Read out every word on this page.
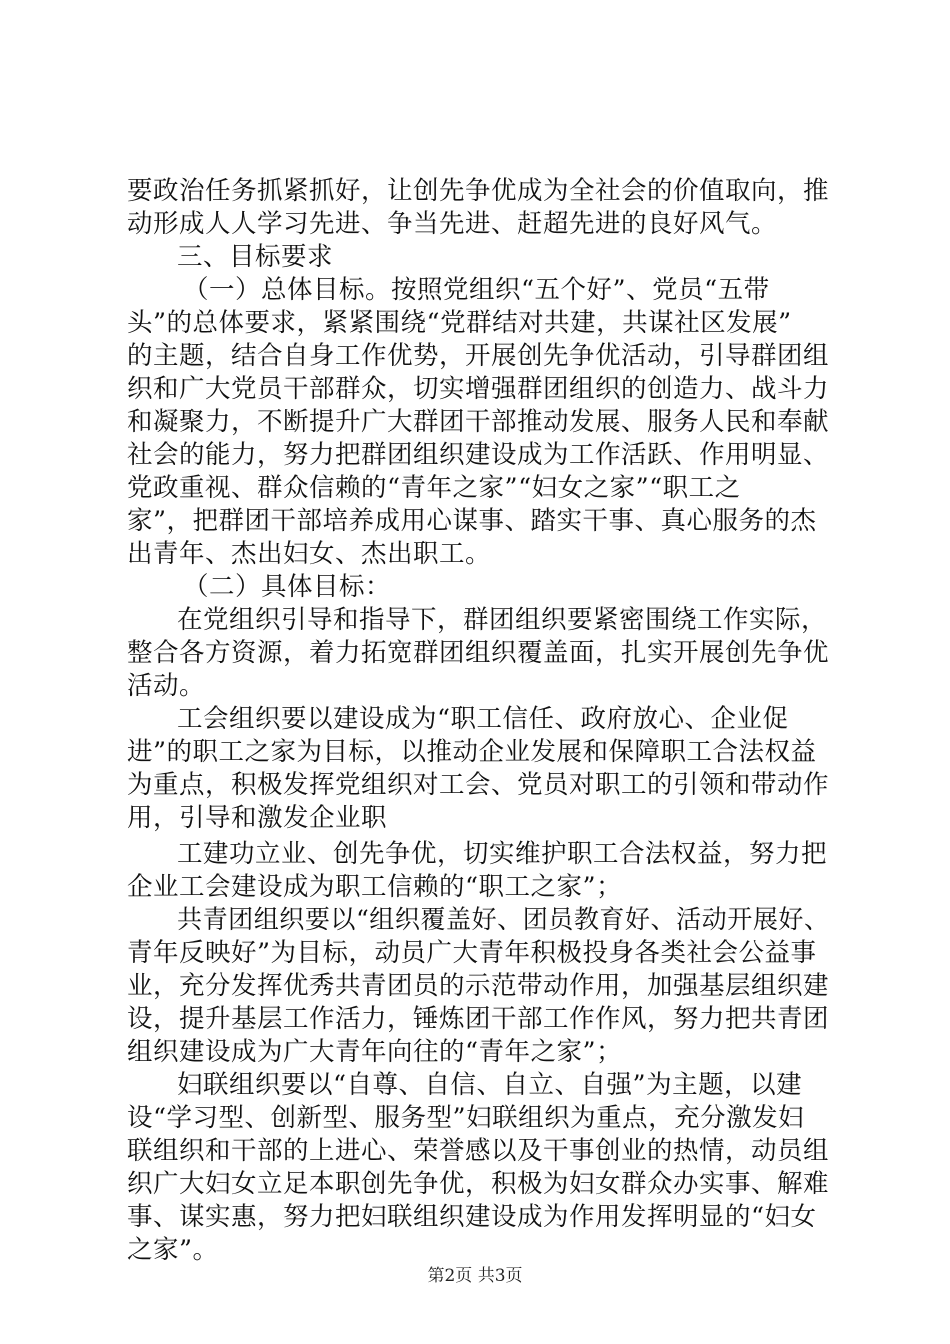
要政治任务抓紧抓好，让创先争优成为全社会的价值取向，推
动形成人人学习先进、争当先进、赶超先进的良好风气。
三、目标要求
（一）总体目标。按照党组织“五个好”、党员“五带
头”的总体要求，紧紧围绕“党群结对共建，共谋社区发展”
的主题，结合自身工作优势，开展创先争优活动，引导群团组
织和广大党员干部群众，切实增强群团组织的创造力、战斗力
和凝聚力，不断提升广大群团干部推动发展、服务人民和奉献
社会的能力，努力把群团组织建设成为工作活跃、作用明显、
党政重视、群众信赖的“青年之家”“妇女之家”“职工之
家”，把群团干部培养成用心谋事、踏实干事、真心服务的杰
出青年、杰出妇女、杰出职工。
（二）具体目标：
在党组织引导和指导下，群团组织要紧密围绕工作实际，
整合各方资源，着力拓宽群团组织覆盖面，扎实开展创先争优
活动。
工会组织要以建设成为“职工信任、政府放心、企业促
进”的职工之家为目标，以推动企业发展和保障职工合法权益
为重点，积极发挥党组织对工会、党员对职工的引领和带动作
用，引导和激发企业职
工建功立业、创先争优，切实维护职工合法权益，努力把
企业工会建设成为职工信赖的“职工之家”；
共青团组织要以“组织覆盖好、团员教育好、活动开展好、
青年反映好”为目标，动员广大青年积极投身各类社会公益事
业，充分发挥优秀共青团员的示范带动作用，加强基层组织建
设，提升基层工作活力，锤炼团干部工作作风，努力把共青团
组织建设成为广大青年向往的“青年之家”；
妇联组织要以“自尊、自信、自立、自强”为主题，以建
设“学习型、创新型、服务型”妇联组织为重点，充分激发妇
联组织和干部的上进心、荣誉感以及干事创业的热情，动员组
织广大妇女立足本职创先争优，积极为妇女群众办实事、解难
事、谋实惠，努力把妇联组织建设成为作用发挥明显的“妇女
之家”。
第2页 共3页
